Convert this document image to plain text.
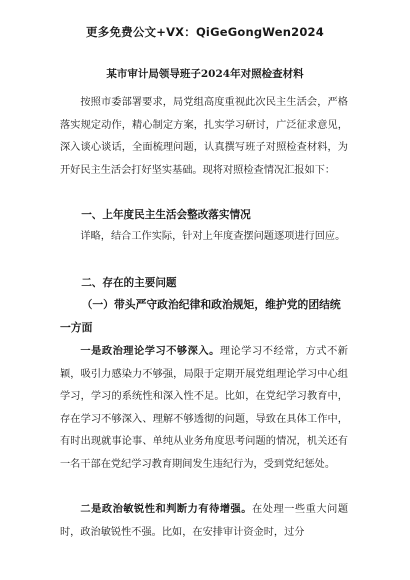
更多免费公文+VX：QiGeGongWen2024
某市审计局领导班子2024年对照检查材料

按照市委部署要求，局党组高度重视此次民主生活会，严格落实规定动作，精心制定方案，扎实学习研讨，广泛征求意见，深入谈心谈话，全面梳理问题，认真撰写班子对照检查材料，为开好民主生活会打好坚实基础。现将对照检查情况汇报如下：

一、上年度民主生活会整改落实情况

详略，结合工作实际，针对上年度查摆问题逐项进行回应。

二、存在的主要问题

（一）带头严守政治纪律和政治规矩，维护党的团结统一方面

一是政治理论学习不够深入。理论学习不经常，方式不新颖，吸引力感染力不够强，局限于定期开展党组理论学习中心组学习，学习的系统性和深入性不足。比如，在党纪学习教育中，存在学习不够深入、理解不够透彻的问题，导致在具体工作中，有时出现就事论事、单纯从业务角度思考问题的情况，机关还有一名干部在党纪学习教育期间发生违纪行为，受到党纪惩处。

二是政治敏锐性和判断力有待增强。在处理一些重大问题时，政治敏锐性不强。比如，在安排审计资金时，过分
